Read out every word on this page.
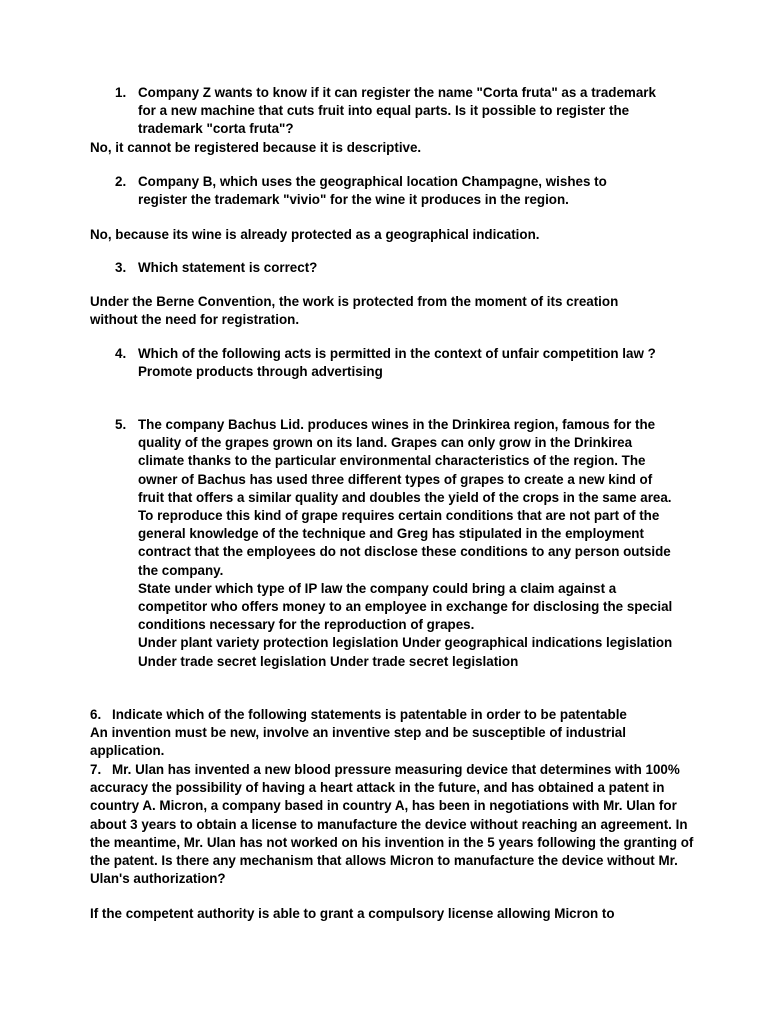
1. Company Z wants to know if it can register the name "Corta fruta" as a trademark for a new machine that cuts fruit into equal parts. Is it possible to register the trademark "corta fruta"?

No, it cannot be registered because it is descriptive.

2. Company B, which uses the geographical location Champagne, wishes to register the trademark "vivio" for the wine it produces in the region.

No, because its wine is already protected as a geographical indication.

3. Which statement is correct?

Under the Berne Convention, the work is protected from the moment of its creation without the need for registration.

4. Which of the following acts is permitted in the context of unfair competition law ?

Promote products through advertising

5. The company Bachus Lid. produces wines in the Drinkirea region, famous for the quality of the grapes grown on its land. Grapes can only grow in the Drinkirea climate thanks to the particular environmental characteristics of the region. The owner of Bachus has used three different types of grapes to create a new kind of fruit that offers a similar quality and doubles the yield of the crops in the same area. To reproduce this kind of grape requires certain conditions that are not part of the general knowledge of the technique and Greg has stipulated in the employment contract that the employees do not disclose these conditions to any person outside the company.

State under which type of IP law the company could bring a claim against a competitor who offers money to an employee in exchange for disclosing the special conditions necessary for the reproduction of grapes.

Under plant variety protection legislation Under geographical indications legislation Under trade secret legislation Under trade secret legislation

6. Indicate which of the following statements is patentable in order to be patentable

An invention must be new, involve an inventive step and be susceptible of industrial application.

7. Mr. Ulan has invented a new blood pressure measuring device that determines with 100% accuracy the possibility of having a heart attack in the future, and has obtained a patent in country A. Micron, a company based in country A, has been in negotiations with Mr. Ulan for about 3 years to obtain a license to manufacture the device without reaching an agreement. In the meantime, Mr. Ulan has not worked on his invention in the 5 years following the granting of the patent. Is there any mechanism that allows Micron to manufacture the device without Mr. Ulan's authorization?

If the competent authority is able to grant a compulsory license allowing Micron to
